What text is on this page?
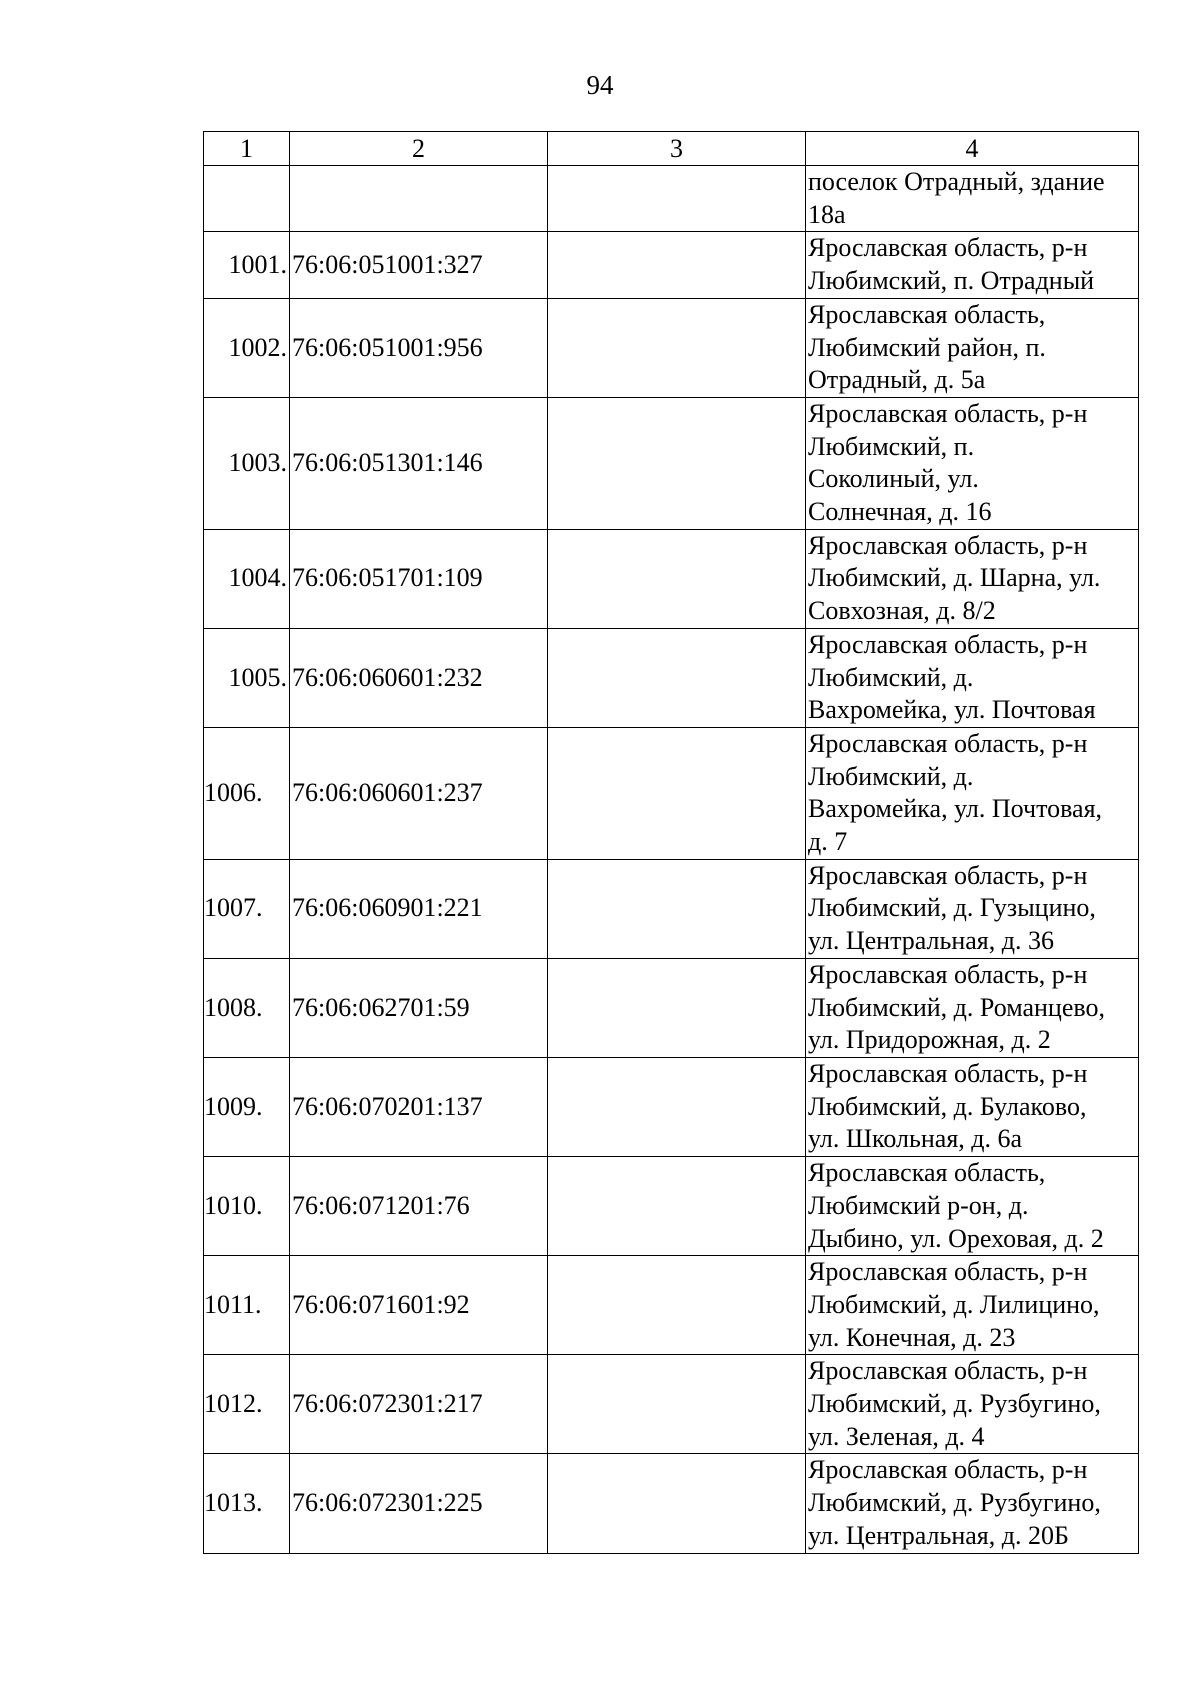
94
1	2	3	4

			поселок Отрадный, здание
18а

1001.	76:06:051001:327		Ярославская область, р-н
Любимский, п. Отрадный

1002.	76:06:051001:956		Ярославская область,
Любимский район, п.
Отрадный, д. 5а

1003.	76:06:051301:146		Ярославская область, р-н
Любимский, п.
Соколиный, ул.
Солнечная, д. 16

1004.	76:06:051701:109		Ярославская область, р-н
Любимский, д. Шарна, ул.
Совхозная, д. 8/2

1005.	76:06:060601:232		Ярославская область, р-н
Любимский, д.
Вахромейка, ул. Почтовая

1006.	76:06:060601:237		Ярославская область, р-н
Любимский, д.
Вахромейка, ул. Почтовая,
д. 7

1007.	76:06:060901:221		Ярославская область, р-н
Любимский, д. Гузыцино,
ул. Центральная, д. 36

1008.	76:06:062701:59		Ярославская область, р-н
Любимский, д. Романцево,
ул. Придорожная, д. 2

1009.	76:06:070201:137		Ярославская область, р-н
Любимский, д. Булаково,
ул. Школьная, д. 6а

1010.	76:06:071201:76		Ярославская область,
Любимский р-он, д.
Дыбино, ул. Ореховая, д. 2

1011.	76:06:071601:92		Ярославская область, р-н
Любимский, д. Лилицино,
ул. Конечная, д. 23

1012.	76:06:072301:217		Ярославская область, р-н
Любимский, д. Рузбугино,
ул. Зеленая, д. 4

1013.	76:06:072301:225		Ярославская область, р-н
Любимский, д. Рузбугино,
ул. Центральная, д. 20Б
